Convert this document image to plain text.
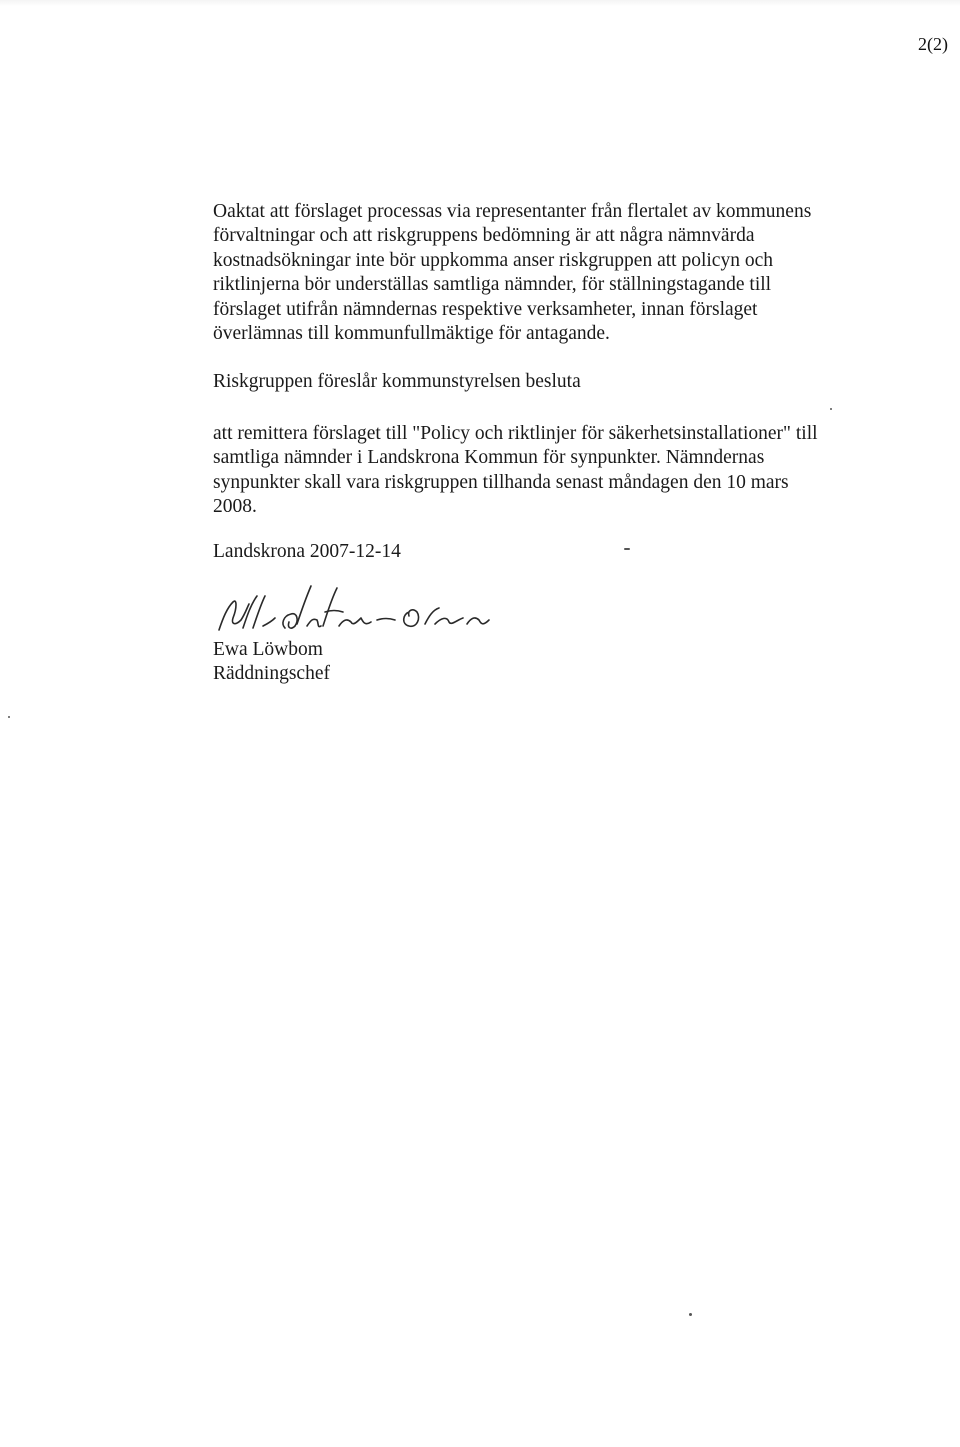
2(2)

Oaktat att förslaget processas via representanter från flertalet av kommunens
förvaltningar och att riskgruppens bedömning är att några nämnvärda
kostnadsökningar inte bör uppkomma anser riskgruppen att policyn och
riktlinjerna bör underställas samtliga nämnder, för ställningstagande till
förslaget utifrån nämndernas respektive verksamheter, innan förslaget
överlämnas till kommunfullmäktige för antagande.

Riskgruppen föreslår kommunstyrelsen besluta

att remittera förslaget till "Policy och riktlinjer för säkerhetsinstallationer" till
samtliga nämnder i Landskrona Kommun för synpunkter. Nämndernas
synpunkter skall vara riskgruppen tillhanda senast måndagen den 10 mars
2008.

Landskrona 2007-12-14

Ewa Löwbom
Räddningschef
